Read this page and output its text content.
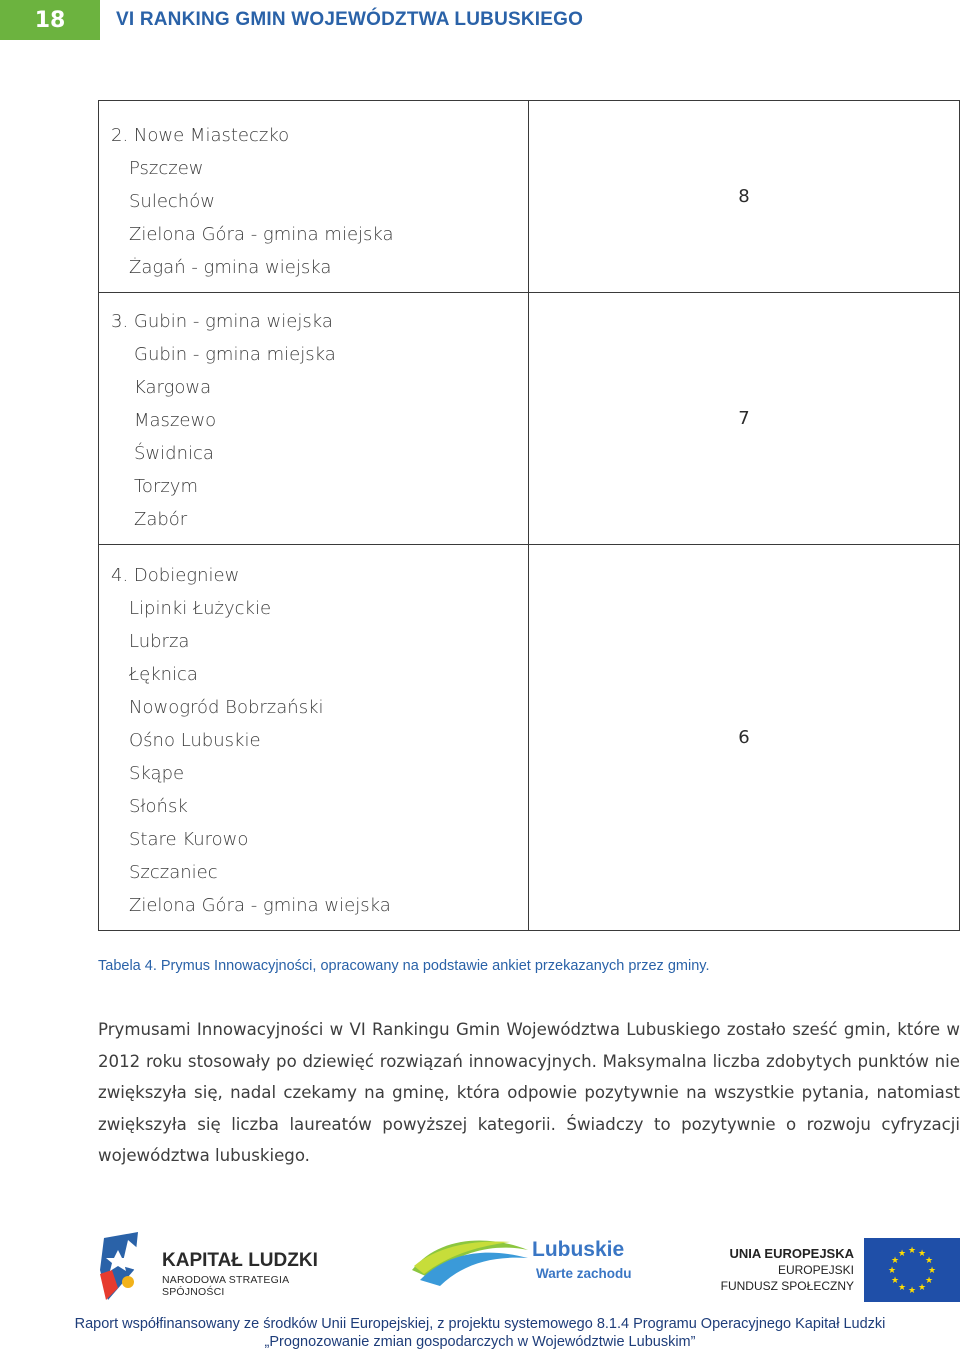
18	VI RANKING GMIN WOJEWÓDZTWA LUBUSKIEGO
2. Nowe Miasteczko
Pszczew
Sulechów
Zielona Góra - gmina miejska
Żagań - gmina wiejska
8
3. Gubin - gmina wiejska
Gubin - gmina miejska
Kargowa
Maszewo
Świdnica
Torzym
Zabór
7
4. Dobiegniew
Lipinki Łużyckie
Lubrza
Łęknica
Nowogród Bobrzański
Ośno Lubuskie
Skąpe
Słońsk
Stare Kurowo
Szczaniec
Zielona Góra - gmina wiejska
6
Tabela 4. Prymus Innowacyjności, opracowany na podstawie ankiet przekazanych przez gminy.
Prymusami Innowacyjności w VI Rankingu Gmin Województwa Lubuskiego zostało sześć gmin, które w 2012 roku stosowały po dziewięć rozwiązań innowacyjnych. Maksymalna liczba zdobytych punktów nie zwiększyła się, nadal czekamy na gminę, która odpowie pozytywnie na wszystkie pytania, natomiast zwiększyła się liczba laureatów powyższej kategorii. Świadczy to pozytywnie o rozwoju cyfryzacji województwa lubuskiego.
KAPITAŁ LUDZKI
NARODOWA STRATEGIA SPÓJNOŚCI
Lubuskie
Warte zachodu
UNIA EUROPEJSKA
EUROPEJSKI
FUNDUSZ SPOŁECZNY
★ ★
★
★
★
★
★
★
★
★
★
★
Raport współfinansowany ze środków Unii Europejskiej, z projektu systemowego 8.1.4 Programu Operacyjnego Kapitał Ludzki
„Prognozowanie zmian gospodarczych w Województwie Lubuskim”
